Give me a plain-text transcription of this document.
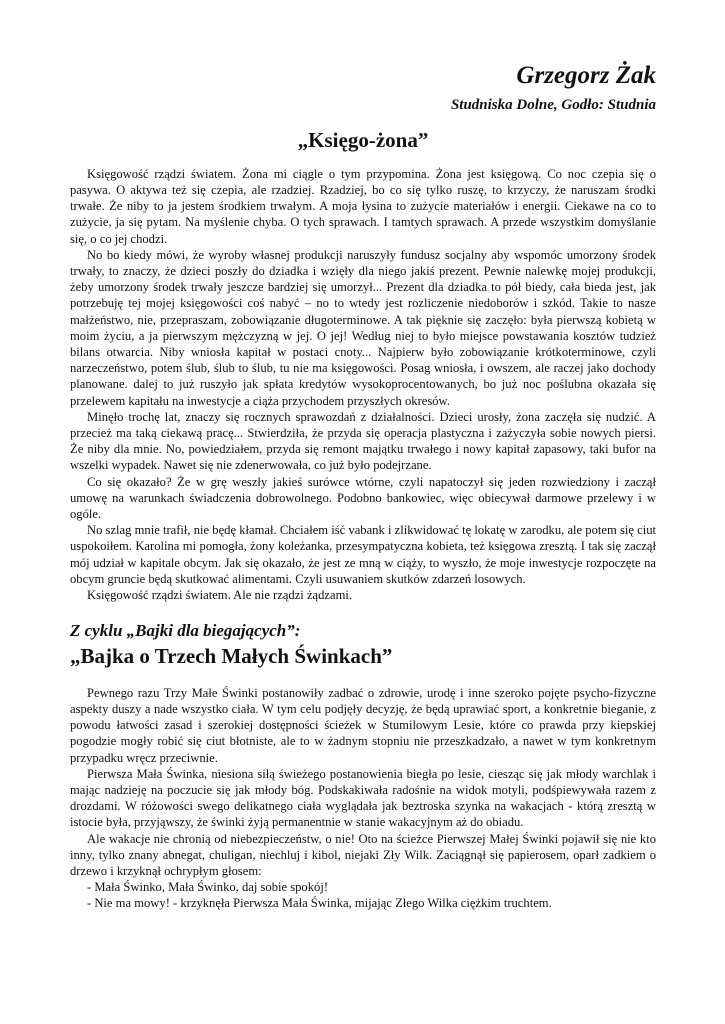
Grzegorz Żak
Studniska Dolne, Godło: Studnia
„Księgo-żona”

Księgowość rządzi światem. Żona mi ciągle o tym przypomina. Żona jest księgową. Co noc czepia się o pasywa. O aktywa też się czepia, ale rzadziej. Rzadziej, bo co się tylko ruszę, to krzyczy, że naruszam środki trwałe. Że niby to ja jestem środkiem trwałym. A moja łysina to zużycie materiałów i energii. Ciekawe na co to zużycie, ja się pytam. Na myślenie chyba. O tych sprawach. I tamtych sprawach. A przede wszystkim domyślanie się, o co jej chodzi.

No bo kiedy mówi, że wyroby własnej produkcji naruszyły fundusz socjalny aby wspomóc umorzony środek trwały, to znaczy, że dzieci poszły do dziadka i wzięły dla niego jakiś prezent. Pewnie nalewkę mojej produkcji, żeby umorzony środek trwały jeszcze bardziej się umorzył... Prezent dla dziadka to pół biedy, cała bieda jest, jak potrzebuję tej mojej księgowości coś nabyć – no to wtedy jest rozliczenie niedoborów i szkód. Takie to nasze małżeństwo, nie, przepraszam, zobowiązanie długoterminowe. A tak pięknie się zaczęło: była pierwszą kobietą w moim życiu, a ja pierwszym mężczyzną w jej. O jej! Według niej to było miejsce powstawania kosztów tudzież bilans otwarcia. Niby wniosła kapitał w postaci cnoty... Najpierw było zobowiązanie krótkoterminowe, czyli narzeczeństwo, potem ślub, ślub to ślub, tu nie ma księgowości. Posag wniosła, i owszem, ale raczej jako dochody planowane. dalej to już ruszyło jak spłata kredytów wysokoprocentowanych, bo już noc poślubna okazała się przelewem kapitału na inwestycje a ciąża przychodem przyszłych okresów.

Minęło trochę lat, znaczy się rocznych sprawozdań z działalności. Dzieci urosły, żona zaczęła się nudzić. A przecież ma taką ciekawą pracę... Stwierdziła, że przyda się operacja plastyczna i zażyczyła sobie nowych piersi. Że niby dla mnie. No, powiedziałem, przyda się remont majątku trwałego i nowy kapitał zapasowy, taki bufor na wszelki wypadek. Nawet się nie zdenerwowała, co już było podejrzane.

Co się okazało? Że w grę weszły jakieś surówce wtórne, czyli napatoczył się jeden rozwiedziony i zaczął umowę na warunkach świadczenia dobrowolnego. Podobno bankowiec, więc obiecywał darmowe przelewy i w ogóle.

No szlag mnie trafił, nie będę kłamał. Chciałem iść vabank i zlikwidować tę lokatę w zarodku, ale potem się ciut uspokoiłem. Karolina mi pomogła, żony koleżanka, przesympatyczna kobieta, też księgowa zresztą. I tak się zaczął mój udział w kapitale obcym. Jak się okazało, że jest ze mną w ciąży, to wyszło, że moje inwestycje rozpoczęte na obcym gruncie będą skutkować alimentami. Czyli usuwaniem skutków zdarzeń losowych.

Księgowość rządzi światem. Ale nie rządzi żądzami.

Z cyklu „Bajki dla biegających”:
„Bajka o Trzech Małych Świnkach”

Pewnego razu Trzy Małe Świnki postanowiły zadbać o zdrowie, urodę i inne szeroko pojęte psycho-fizyczne aspekty duszy a nade wszystko ciała. W tym celu podjęły decyzję, że będą uprawiać sport, a konkretnie bieganie, z powodu łatwości zasad i szerokiej dostępności ścieżek w Stumilowym Lesie, które co prawda przy kiepskiej pogodzie mogły robić się ciut błotniste, ale to w żadnym stopniu nie przeszkadzało, a nawet w tym konkretnym przypadku wręcz przeciwnie.

Pierwsza Mała Świnka, niesiona siłą świeżego postanowienia biegła po lesie, ciesząc się jak młody warchlak i mając nadzieję na poczucie się jak młody bóg. Podskakiwała radośnie na widok motyli, podśpiewywała razem z drozdami. W różowości swego delikatnego ciała wyglądała jak beztroska szynka na wakacjach - którą zresztą w istocie była, przyjąwszy, że świnki żyją permanentnie w stanie wakacyjnym aż do obiadu.

Ale wakacje nie chronią od niebezpieczeństw, o nie! Oto na ścieżce Pierwszej Małej Świnki pojawił się nie kto inny, tylko znany abnegat, chuligan, niechluj i kibol, niejaki Zły Wilk. Zaciągnął się papierosem, oparł zadkiem o drzewo i krzyknął ochrypłym głosem:

- Mała Świnko, Mała Świnko, daj sobie spokój!

- Nie ma mowy! - krzyknęła Pierwsza Mała Świnka, mijając Złego Wilka ciężkim truchtem.
